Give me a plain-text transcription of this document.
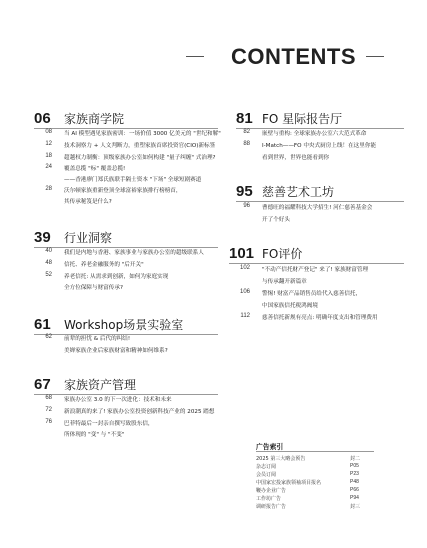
CONTENTS
06 家族商学院
08 当 AI 模型遇见家族密训：一场价值 3000 亿美元的 "世纪和解"
12 技术洞察力 + 人文判断力，重塑家族首席投资官(CIO)新标签
18 超越权力制衡：顶级家族办公室如何构建 "量子纠缠" 式治理?
24 覆盖总揽 "标" 覆盖总揽!
——香港廖门郑氏族联手隔士资本 "下场" 全球短剧赛道
28 沃尔顿家族重新登顶全球富裕家族排行榜榜首，
其传承秘笈是什么?
39 行业洞察
40 我们是内地与香港、家族事业与家族办公室的超级联系人
48 信托、养老金融服务的 "后开关"
52 养老信托: 从需求到创新，如何为家庭实现
全方位保障与财富传承?
61 Workshop场景实验室
62 前辈的担忧 & 后代的纠结!
美婵家族企业后家族财富和精神如何维系?
67 家族资产管理
68 家族办公室 3.0 的下一次进化：技术和未来
72 新浪潮真的来了! 家族办公室投资创新科技产业的 2025 踏想
76 巴菲特最后一封亲自撰写致股东信，
所体现的 "变" 与 "不变"
81 FO 星际报告厅
82 嵌壁与重构: 全球家族办公室六大范式革命
88 I-Match——FO 中央式厨房上线！在这里你能
看到世界，世界也能看到你
95 慈善艺术工坊
96 曹德旺的福耀科技大学招生! 河仁慈善基金会
开了个好头
101 FO评价
102 "不动产信托财产登记" 来了! 家族财富管理
与传承翻开新篇章
106 警惕! 财富产品销售员给代入慈善信托，
中国家族信托税鸿阀境
112 慈善信托新规有亮点: 明确年度支出和管理费用
广告索引
2025 第三大略会预告	封二
杂志订阅	P05
会员订阅	P23
中国家宏投家族领袖项目报名	P48
鞭办企业广告	P66
工作坊广告	P94
调研报告广告	封三
